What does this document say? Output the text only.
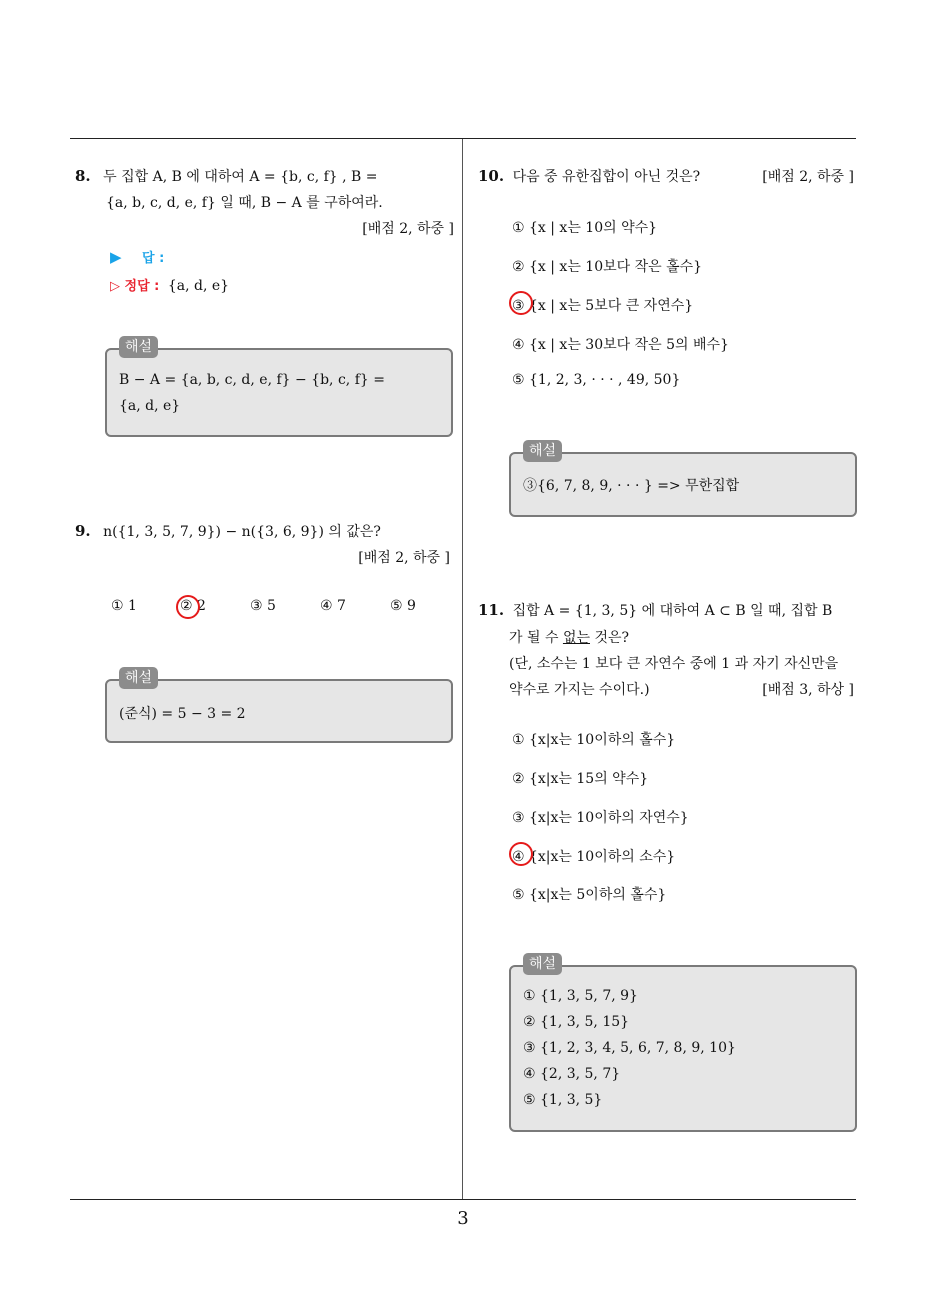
8. 두 집합 A, B 에 대하여 A = {b, c, f} , B =
{a, b, c, d, e, f} 일 때, B − A 를 구하여라.
[배점 2, 하중 ]
▶ 답 :
▷ 정답 : {a, d, e}
B − A = {a, b, c, d, e, f} − {b, c, f} =
{a, d, e}
해설
9. n({1, 3, 5, 7, 9}) − n({3, 6, 9}) 의 값은?
[배점 2, 하중 ]
① 1	② 2	③ 5	④ 7	⑤ 9
(준식) = 5 − 3 = 2
해설
10. 다음 중 유한집합이 아닌 것은?	[배점 2, 하중 ]
① {x | x는 10의 약수}
② {x | x는 10보다 작은 홀수}
③ {x | x는 5보다 큰 자연수}
④ {x | x는 30보다 작은 5의 배수}
⑤ {1, 2, 3, · · · , 49, 50}
③{6, 7, 8, 9, · · · } => 무한집합
해설
11. 집합 A = {1, 3, 5} 에 대하여 A ⊂ B 일 때, 집합 B
가 될 수 없는 것은?
(단, 소수는 1 보다 큰 자연수 중에 1 과 자기 자신만을
약수로 가지는 수이다.)	[배점 3, 하상 ]
① {x|x는 10이하의 홀수}
② {x|x는 15의 약수}
③ {x|x는 10이하의 자연수}
④ {x|x는 10이하의 소수}
⑤ {x|x는 5이하의 홀수}
① {1, 3, 5, 7, 9}
② {1, 3, 5, 15}
③ {1, 2, 3, 4, 5, 6, 7, 8, 9, 10}
④ {2, 3, 5, 7}
⑤ {1, 3, 5}
해설
3
